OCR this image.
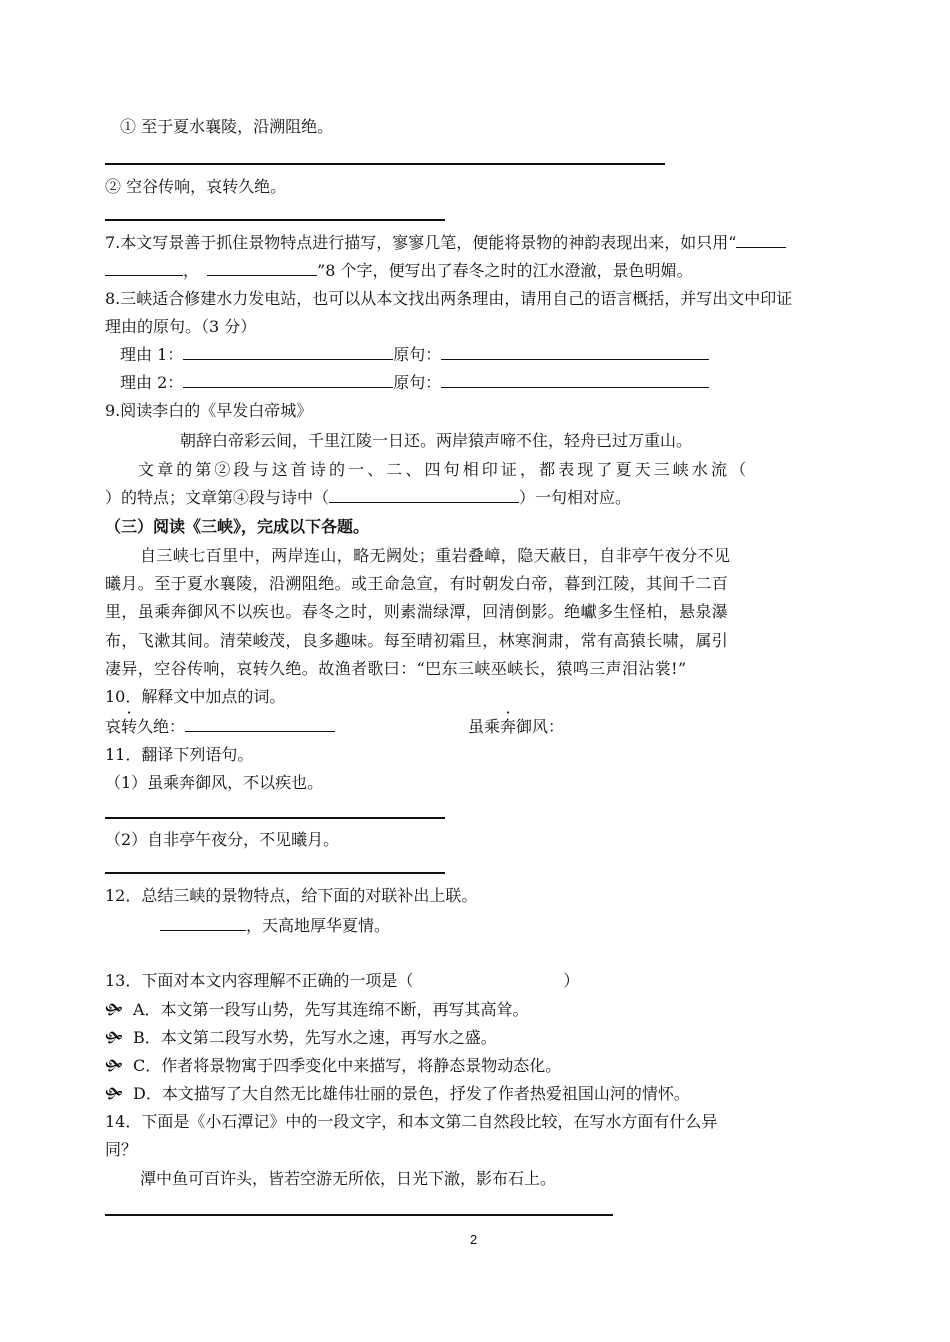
① 至于夏水襄陵，沿溯阻绝。
② 空谷传响，哀转久绝。
7.本文写景善于抓住景物特点进行描写，寥寥几笔，便能将景物的神韵表现出来，如只用“
，	”8 个字，便写出了春冬之时的江水澄澈，景色明媚。
8.三峡适合修建水力发电站，也可以从本文找出两条理由，请用自己的语言概括，并写出文中印证
理由的原句。（3 分）
理由 1：	原句：
理由 2：	原句：
9.阅读李白的《早发白帝城》
朝辞白帝彩云间，千里江陵一日还。两岸猿声啼不住，轻舟已过万重山。
文章的第②段与这首诗的一、二、四句相印证，都表现了夏天三峡水流（
）的特点；文章第④段与诗中（	）一句相对应。
（三）阅读《三峡》，完成以下各题。
自三峡七百里中，两岸连山，略无阙处；重岩叠嶂，隐天蔽日，自非亭午夜分不见
曦月。至于夏水襄陵，沿溯阻绝。或王命急宣，有时朝发白帝，暮到江陵，其间千二百
里，虽乘奔御风不以疾也。春冬之时，则素湍绿潭，回清倒影。绝巘多生怪柏，悬泉瀑
布，飞漱其间。清荣峻茂，良多趣味。每至晴初霜旦，林寒涧肃，常有高猿长啸，属引
凄异，空谷传响，哀转久绝。故渔者歌曰：“巴东三峡巫峡长，猿鸣三声泪沾裳!”
10．解释文中加点的词。
哀转久绝：	虽乘奔御风：
11．翻译下列语句。
（1）虽乘奔御风，不以疾也。
（2）自非亭午夜分，不见曦月。
12．总结三峡的景物特点，给下面的对联补出上联。
，天高地厚华夏情。
13．下面对本文内容理解不正确的一项是（	）
🙟 A．本文第一段写山势，先写其连绵不断，再写其高耸。
🙟 B．本文第二段写水势，先写水之速，再写水之盛。
🙟 C．作者将景物寓于四季变化中来描写，将静态景物动态化。
🙟 D．本文描写了大自然无比雄伟壮丽的景色，抒发了作者热爱祖国山河的情怀。
14．下面是《小石潭记》中的一段文字，和本文第二自然段比较，在写水方面有什么异
同？
潭中鱼可百许头，皆若空游无所依，日光下澈，影布石上。
2
